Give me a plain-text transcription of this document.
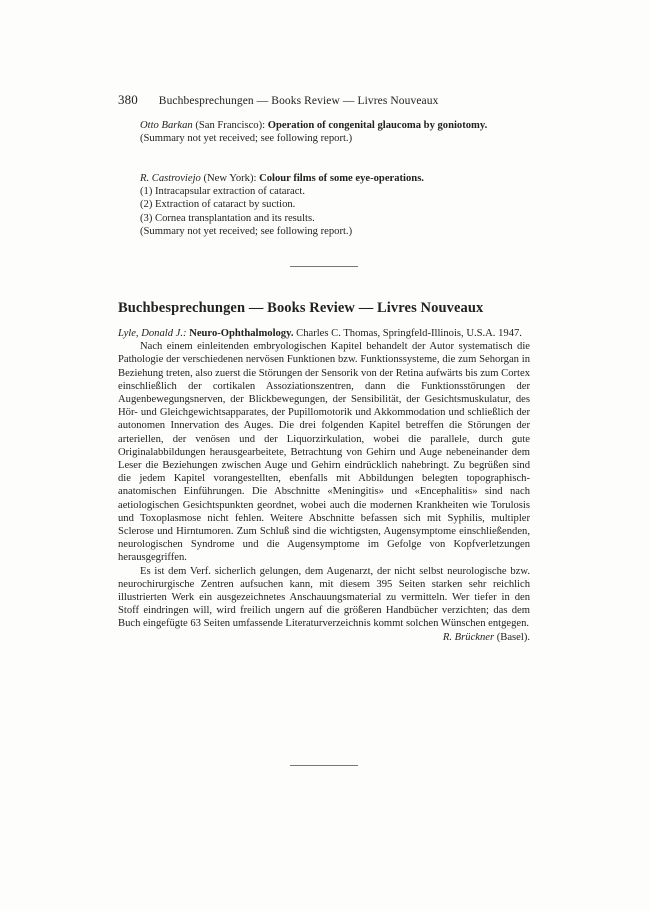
380 Buchbesprechungen — Books Review — Livres Nouveaux

Otto Barkan (San Francisco): Operation of congenital glaucoma by goniotomy.

(Summary not yet received; see following report.)

R. Castroviejo (New York): Colour films of some eye-operations.

(1) Intracapsular extraction of cataract.

(2) Extraction of cataract by suction.

(3) Cornea transplantation and its results.

(Summary not yet received; see following report.)

Buchbesprechungen — Books Review — Livres Nouveaux

Lyle, Donald J.: Neuro-Ophthalmology. Charles C. Thomas, Springfeld-Illinois, U.S.A. 1947.

Nach einem einleitenden embryologischen Kapitel behandelt der Autor systematisch die Pathologie der verschiedenen nervösen Funktionen bzw. Funktionssysteme, die zum Sehorgan in Beziehung treten, also zuerst die Störungen der Sensorik von der Retina aufwärts bis zum Cortex einschließlich der cortikalen Assoziationszentren, dann die Funktionsstörungen der Augenbewegungsnerven, der Blickbewegungen, der Sensibilität, der Gesichtsmuskulatur, des Hör- und Gleichgewichtsapparates, der Pupillomotorik und Akkommodation und schließlich der autonomen Innervation des Auges. Die drei folgenden Kapitel betreffen die Störungen der arteriellen, der venösen und der Liquorzirkulation, wobei die parallele, durch gute Originalabbildungen herausgearbeitete, Betrachtung von Gehirn und Auge nebeneinander dem Leser die Beziehungen zwischen Auge und Gehirn eindrücklich nahebringt. Zu begrüßen sind die jedem Kapitel vorangestellten, ebenfalls mit Abbildungen belegten topographisch-anatomischen Einführungen. Die Abschnitte «Meningitis» und «Encephalitis» sind nach aetiologischen Gesichtspunkten geordnet, wobei auch die modernen Krankheiten wie Torulosis und Toxoplasmose nicht fehlen. Weitere Abschnitte befassen sich mit Syphilis, multipler Sclerose und Hirntumoren. Zum Schluß sind die wichtigsten, Augensymptome einschließenden, neurologischen Syndrome und die Augensymptome im Gefolge von Kopfverletzungen herausgegriffen.

Es ist dem Verf. sicherlich gelungen, dem Augenarzt, der nicht selbst neurologische bzw. neurochirurgische Zentren aufsuchen kann, mit diesem 395 Seiten starken sehr reichlich illustrierten Werk ein ausgezeichnetes Anschauungsmaterial zu vermitteln. Wer tiefer in den Stoff eindringen will, wird freilich ungern auf die größeren Handbücher verzichten; das dem Buch eingefügte 63 Seiten umfassende Literaturverzeichnis kommt solchen Wünschen entgegen.
R. Brückner (Basel).
